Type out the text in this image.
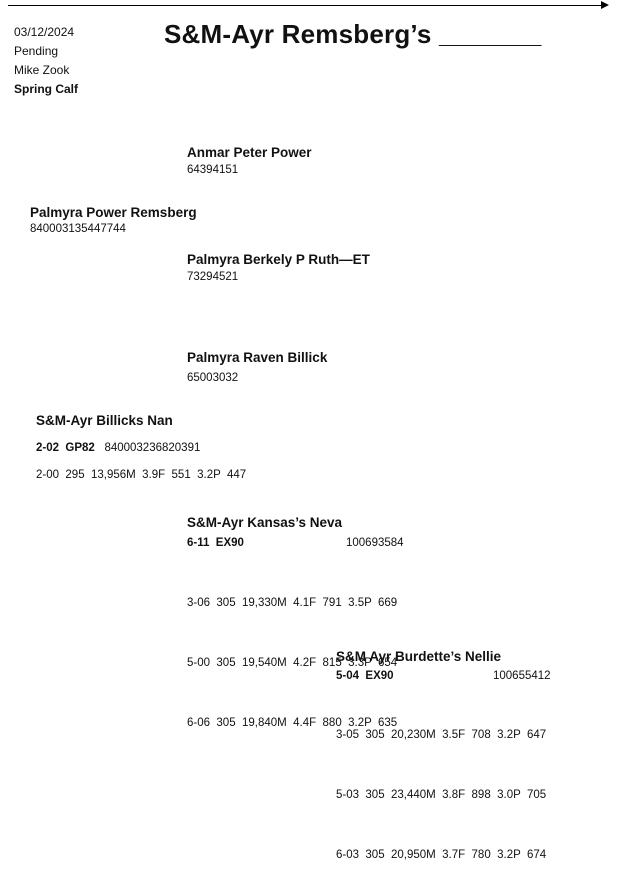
03/12/2024
Pending
Mike Zook
Spring Calf
S&M-Ayr Remsberg’s _______
Anmar Peter Power
64394151
Palmyra Power Remsberg
840003135447744
Palmyra Berkely P Ruth—ET
73294521
Palmyra Raven Billick
65003032
S&M-Ayr Billicks Nan
2-02 GP82 840003236820391
2-00  295  13,956M  3.9F  551  3.2P  447
S&M-Ayr Kansas’s Neva
6-11 EX90	100693584

3-06  305  19,330M  4.1F  791  3.5P  669

5-00  305  19,540M  4.2F  815  3.3P  654

6-06  305  19,840M  4.4F  880  3.2P  635

S&M Ayr Burdette’s Nellie
5-04 EX90	100655412

3-05  305  20,230M  3.5F  708  3.2P  647

5-03  305  23,440M  3.8F  898  3.0P  705

6-03  305  20,950M  3.7F  780  3.2P  674
